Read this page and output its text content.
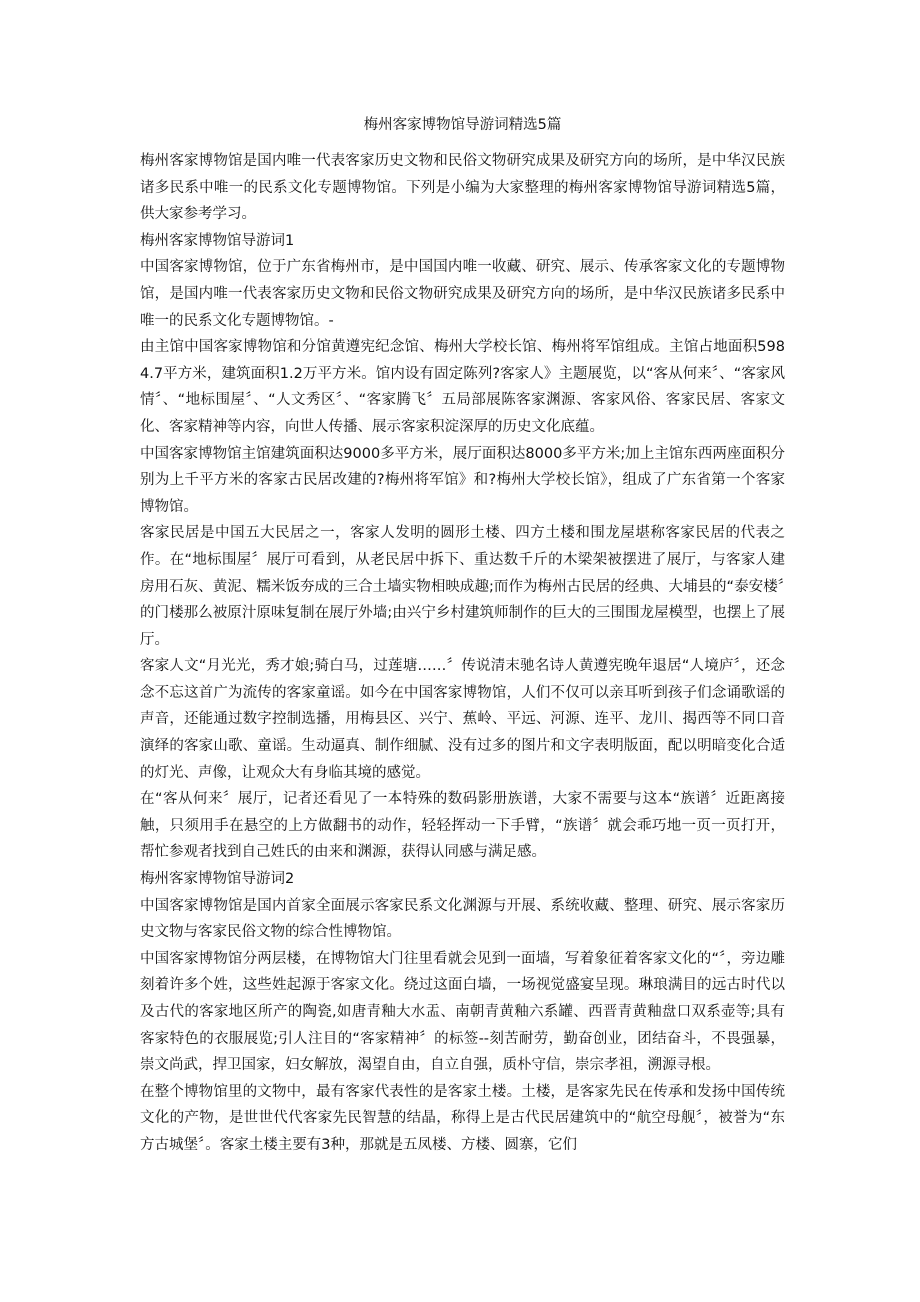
梅州客家博物馆导游词精选5篇

梅州客家博物馆是国内唯一代表客家历史文物和民俗文物研究成果及研究方向的场所，是中华汉民族诸多民系中唯一的民系文化专题博物馆。下列是小编为大家整理的梅州客家博物馆导游词精选5篇，供大家参考学习。

梅州客家博物馆导游词1

中国客家博物馆，位于广东省梅州市，是中国国内唯一收藏、研究、展示、传承客家文化的专题博物馆，是国内唯一代表客家历史文物和民俗文物研究成果及研究方向的场所，是中华汉民族诸多民系中唯一的民系文化专题博物馆。-

由主馆中国客家博物馆和分馆黄遵宪纪念馆、梅州大学校长馆、梅州将军馆组成。主馆占地面积5984.7平方米，建筑面积1.2万平方米。馆内设有固定陈列?客家人》主题展览，以“客从何来〞、“客家风情〞、“地标围屋〞、“人文秀区〞、“客家腾飞〞五局部展陈客家渊源、客家风俗、客家民居、客家文化、客家精神等内容，向世人传播、展示客家积淀深厚的历史文化底蕴。

中国客家博物馆主馆建筑面积达9000多平方米，展厅面积达8000多平方米;加上主馆东西两座面积分别为上千平方米的客家古民居改建的?梅州将军馆》和?梅州大学校长馆》，组成了广东省第一个客家博物馆。

客家民居是中国五大民居之一，客家人发明的圆形土楼、四方土楼和围龙屋堪称客家民居的代表之作。在“地标围屋〞展厅可看到，从老民居中拆下、重达数千斤的木梁架被摆进了展厅，与客家人建房用石灰、黄泥、糯米饭夯成的三合土墙实物相映成趣;而作为梅州古民居的经典、大埔县的“泰安楼〞的门楼那么被原汁原味复制在展厅外墙;由兴宁乡村建筑师制作的巨大的三围围龙屋模型，也摆上了展厅。

客家人文“月光光，秀才娘;骑白马，过莲塘……〞传说清末驰名诗人黄遵宪晚年退居“人境庐〞，还念念不忘这首广为流传的客家童谣。如今在中国客家博物馆，人们不仅可以亲耳听到孩子们念诵歌谣的声音，还能通过数字控制选播，用梅县区、兴宁、蕉岭、平远、河源、连平、龙川、揭西等不同口音演绎的客家山歌、童谣。生动逼真、制作细腻、没有过多的图片和文字表明版面，配以明暗变化合适的灯光、声像，让观众大有身临其境的感觉。

在“客从何来〞展厅，记者还看见了一本特殊的数码影册族谱，大家不需要与这本“族谱〞近距离接触，只须用手在悬空的上方做翻书的动作，轻轻挥动一下手臂，“族谱〞就会乖巧地一页一页打开，帮忙参观者找到自己姓氏的由来和渊源，获得认同感与满足感。

梅州客家博物馆导游词2

中国客家博物馆是国内首家全面展示客家民系文化渊源与开展、系统收藏、整理、研究、展示客家历史文物与客家民俗文物的综合性博物馆。

中国客家博物馆分两层楼，在博物馆大门往里看就会见到一面墙，写着象征着客家文化的“〞，旁边雕刻着许多个姓，这些姓起源于客家文化。绕过这面白墙，一场视觉盛宴呈现。琳琅满目的远古时代以及古代的客家地区所产的陶瓷,如唐青釉大水盂、南朝青黄釉六系罐、西晋青黄釉盘口双系壶等;具有客家特色的衣服展览;引人注目的“客家精神〞的标签--刻苦耐劳，勤奋创业，团结奋斗，不畏强暴，崇文尚武，捍卫国家，妇女解放，渴望自由，自立自强，质朴守信，崇宗孝祖，溯源寻根。

在整个博物馆里的文物中，最有客家代表性的是客家土楼。土楼，是客家先民在传承和发扬中国传统文化的产物，是世世代代客家先民智慧的结晶，称得上是古代民居建筑中的“航空母舰〞，被誉为“东方古城堡〞。客家土楼主要有3种，那就是五凤楼、方楼、圆寨，它们
